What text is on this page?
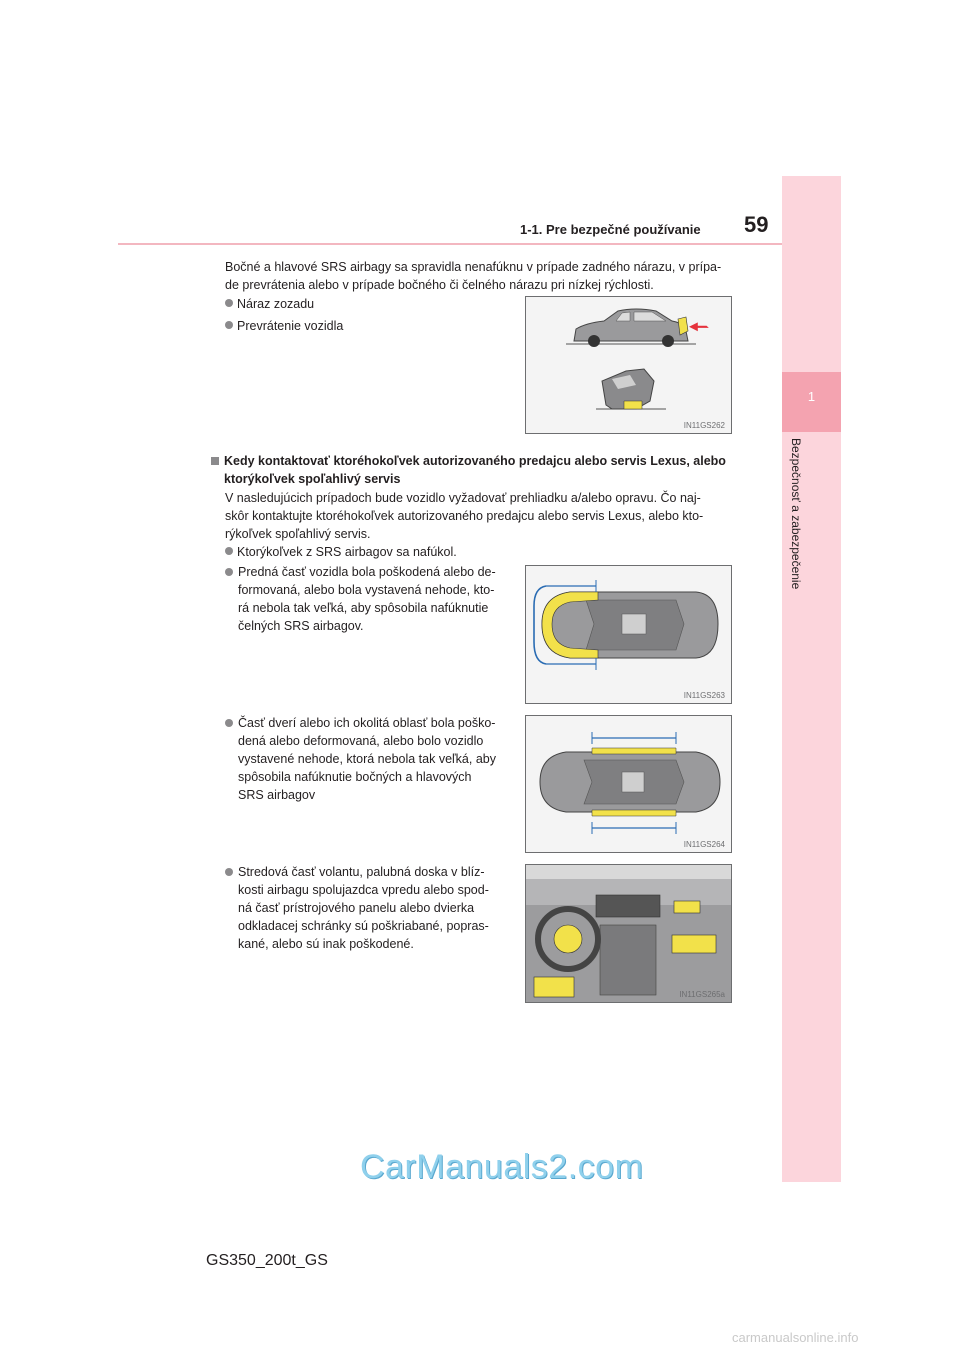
1-1. Pre bezpečné používanie 59
1
Bezpečnosť a zabezpečenie
Bočné a hlavové SRS airbagy sa spravidla nenafúknu v prípade zadného nárazu, v prípa-
de prevrátenia alebo v prípade bočného či čelného nárazu pri nízkej rýchlosti.
Náraz zozadu
Prevrátenie vozidla
IN11GS262
Kedy kontaktovať ktoréhokoľvek autorizovaného predajcu alebo servis Lexus, alebo
ktorýkoľvek spoľahlivý servis
V nasledujúcich prípadoch bude vozidlo vyžadovať prehliadku a/alebo opravu. Čo naj-
skôr kontaktujte ktoréhokoľvek autorizovaného predajcu alebo servis Lexus, alebo kto-
rýkoľvek spoľahlivý servis.
Ktorýkoľvek z SRS airbagov sa nafúkol.
Predná časť vozidla bola poškodená alebo de-
formovaná, alebo bola vystavená nehode, kto-
rá nebola tak veľká, aby spôsobila nafúknutie
čelných SRS airbagov.
IN11GS263
Časť dverí alebo ich okolitá oblasť bola poško-
dená alebo deformovaná, alebo bolo vozidlo
vystavené nehode, ktorá nebola tak veľká, aby
spôsobila nafúknutie bočných a hlavových
SRS airbagov
IN11GS264
Stredová časť volantu, palubná doska v blíz-
kosti airbagu spolujazdca vpredu alebo spod-
ná časť prístrojového panelu alebo dvierka
odkladacej schránky sú poškriabané, popras-
kané, alebo sú inak poškodené.
IN11GS265a
CarManuals2.com
GS350_200t_GS
carmanualsonline.info
